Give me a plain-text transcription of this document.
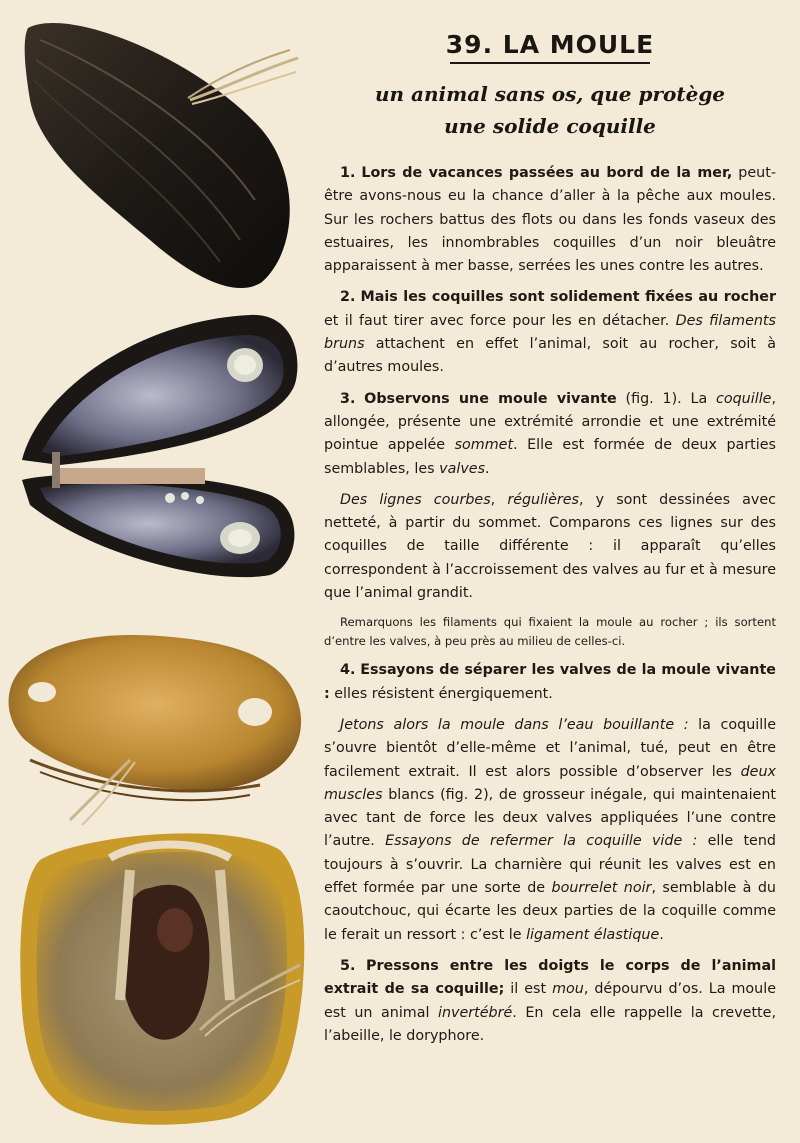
39. LA MOULE

un animal sans os, que protège
une solide coquille

1. Lors de vacances passées au bord de la mer, peut-être avons-nous eu la chance d’aller à la pêche aux moules. Sur les rochers battus des flots ou dans les fonds vaseux des estuaires, les innombrables coquilles d’un noir bleuâtre apparaissent à mer basse, serrées les unes contre les autres.

2. Mais les coquilles sont solidement fixées au rocher et il faut tirer avec force pour les en détacher. Des filaments bruns attachent en effet l’animal, soit au rocher, soit à d’autres moules.

3. Observons une moule vivante (fig. 1). La coquille, allongée, présente une extrémité arrondie et une extrémité pointue appelée sommet. Elle est formée de deux parties semblables, les valves.

Des lignes courbes, régulières, y sont dessinées avec netteté, à partir du sommet. Comparons ces lignes sur des coquilles de taille différente : il apparaît qu’elles correspondent à l’accroissement des valves au fur et à mesure que l’animal grandit.

Remarquons les filaments qui fixaient la moule au rocher ; ils sortent d’entre les valves, à peu près au milieu de celles-ci.

4. Essayons de séparer les valves de la moule vivante : elles résistent énergiquement.

Jetons alors la moule dans l’eau bouillante : la coquille s’ouvre bientôt d’elle-même et l’animal, tué, peut en être facilement extrait. Il est alors possible d’observer les deux muscles blancs (fig. 2), de grosseur inégale, qui maintenaient avec tant de force les deux valves appliquées l’une contre l’autre. Essayons de refermer la coquille vide : elle tend toujours à s’ouvrir. La charnière qui réunit les valves est en effet formée par une sorte de bourrelet noir, semblable à du caoutchouc, qui écarte les deux parties de la coquille comme le ferait un ressort : c’est le ligament élastique.

5. Pressons entre les doigts le corps de l’animal extrait de sa coquille; il est mou, dépourvu d’os. La moule est un animal invertébré. En cela elle rappelle la crevette, l’abeille, le doryphore.
